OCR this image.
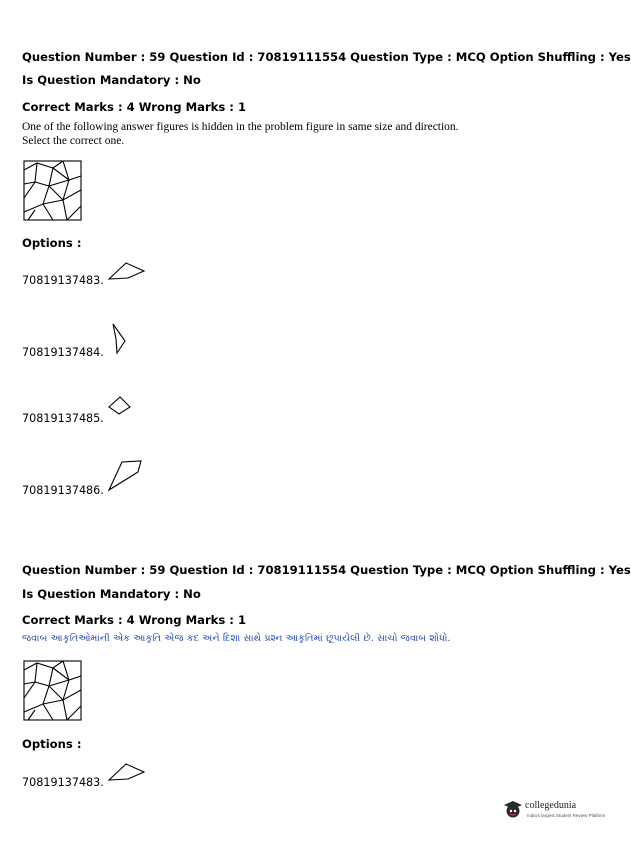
Question Number : 59 Question Id : 70819111554 Question Type : MCQ Option Shuffling : Yes
Is Question Mandatory : No
Correct Marks : 4 Wrong Marks : 1
One of the following answer figures is hidden in the problem figure in same size and direction.
Select the correct one.
Options :
70819137483.
70819137484.
70819137485.
70819137486.
Question Number : 59 Question Id : 70819111554 Question Type : MCQ Option Shuffling : Yes
Is Question Mandatory : No
Correct Marks : 4 Wrong Marks : 1
જવાબ આકૃતિઓમાંની એક આકૃતિ એજ કદ અને દિશા સાથે પ્રશ્ન આકૃતિમાં છૂપાયેલી છે. સાચો જવાબ શોધો.
Options :
70819137483.
collegedunia
India's largest Student Review Platform
